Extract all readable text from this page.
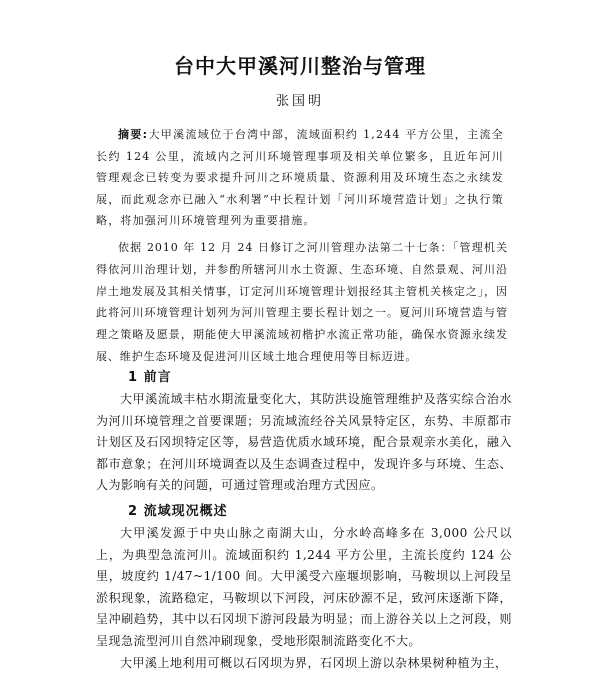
台中大甲溪河川整治与管理
张国明

摘要:大甲溪流域位于台湾中部，流域面积约 1,244 平方公里，主流全长约 124 公里，流域内之河川环境管理事项及相关单位繁多，且近年河川管理观念已转变为要求提升河川之环境质量、资源利用及环境生态之永续发展，而此观念亦已融入“水利署”中长程计划「河川环境营造计划」之执行策略，将加强河川环境管理列为重要措施。

依据 2010 年 12 月 24 日修订之河川管理办法第二十七条：「管理机关得依河川治理计划，并参酌所辖河川水土资源、生态环境、自然景观、河川沿岸土地发展及其相关情事，订定河川环境管理计划报经其主管机关核定之」，因此将河川环境管理计划列为河川管理主要长程计划之一。夏河川环境营造与管理之策略及愿景，期能使大甲溪流域初楷护水流正常功能，确保水资源永续发展、维护生态环境及促进河川区域土地合理使用等目标迈进。

1 前言

大甲溪流域丰枯水期流量变化大，其防洪设施管理维护及落实综合治水为河川环境管理之首要课题；另流域流经谷关风景特定区，东势、丰原都市计划区及石冈坝特定区等，易营造优质水域环境，配合景观亲水美化，融入都市意象；在河川环境调查以及生态调查过程中，发现许多与环境、生态、人为影响有关的问题，可通过管理或治理方式因应。

2 流域现况概述

大甲溪发源于中央山脉之南湖大山，分水岭高峰多在 3,000 公尺以上，为典型急流河川。流域面积约 1,244 平方公里，主流长度约 124 公里，坡度约 1/47~1/100 间。大甲溪受六座堰坝影响，马鞍坝以上河段呈淤积现象，流路稳定，马鞍坝以下河段，河床砂源不足，致河床逐渐下降，呈冲刷趋势，其中以石冈坝下游河段最为明显；而上游谷关以上之河段，则呈现急流型河川自然冲刷现象，受地形限制流路变化不大。

大甲溪上地利用可概以石冈坝为界，石冈坝上游以杂林果树种植为主，
